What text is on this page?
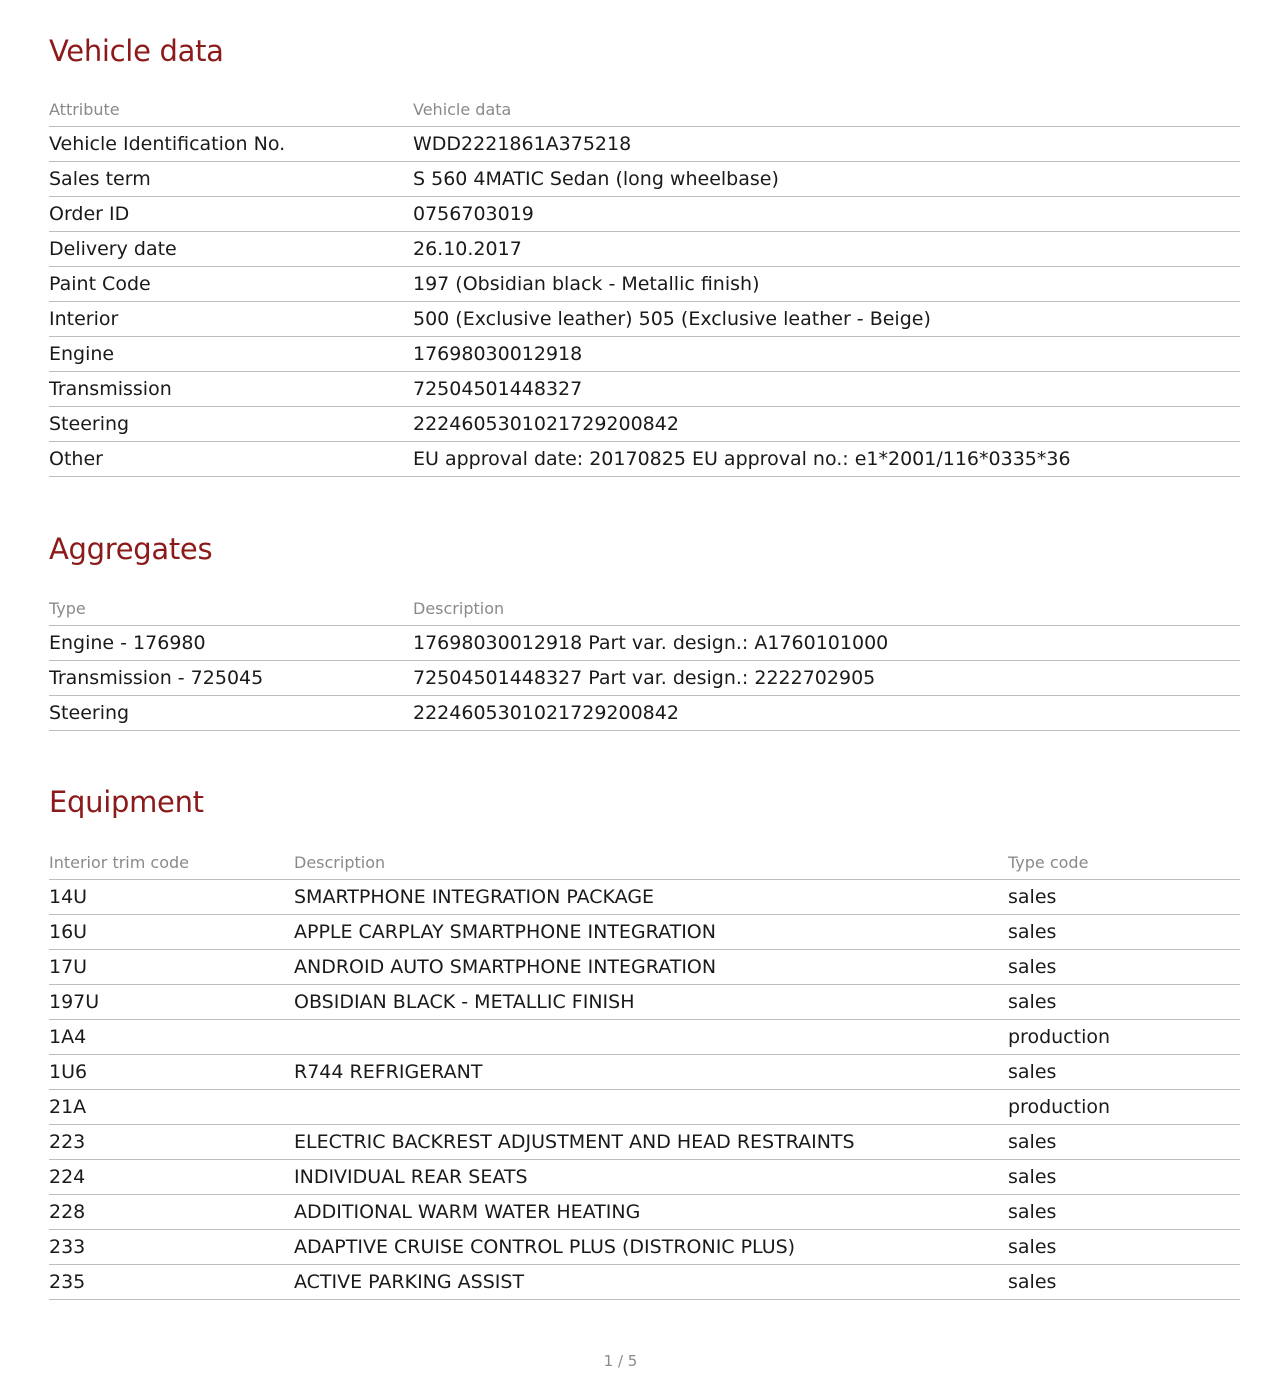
Vehicle data
Attribute	Vehicle data
Vehicle Identification No.	WDD2221861A375218
Sales term	S 560 4MATIC Sedan (long wheelbase)
Order ID	0756703019
Delivery date	26.10.2017
Paint Code	197 (Obsidian black - Metallic finish)
Interior	500 (Exclusive leather) 505 (Exclusive leather - Beige)
Engine	17698030012918
Transmission	72504501448327
Steering	2224605301021729200842
Other	EU approval date: 20170825 EU approval no.: e1*2001/116*0335*36
Aggregates
Type	Description
Engine - 176980	17698030012918 Part var. design.: A1760101000
Transmission - 725045	72504501448327 Part var. design.: 2222702905
Steering	2224605301021729200842
Equipment
Interior trim code	Description	Type code
14U	SMARTPHONE INTEGRATION PACKAGE	sales
16U	APPLE CARPLAY SMARTPHONE INTEGRATION	sales
17U	ANDROID AUTO SMARTPHONE INTEGRATION	sales
197U	OBSIDIAN BLACK - METALLIC FINISH	sales
1A4		production
1U6	R744 REFRIGERANT	sales
21A		production
223	ELECTRIC BACKREST ADJUSTMENT AND HEAD RESTRAINTS	sales
224	INDIVIDUAL REAR SEATS	sales
228	ADDITIONAL WARM WATER HEATING	sales
233	ADAPTIVE CRUISE CONTROL PLUS (DISTRONIC PLUS)	sales
235	ACTIVE PARKING ASSIST	sales
1 / 5
